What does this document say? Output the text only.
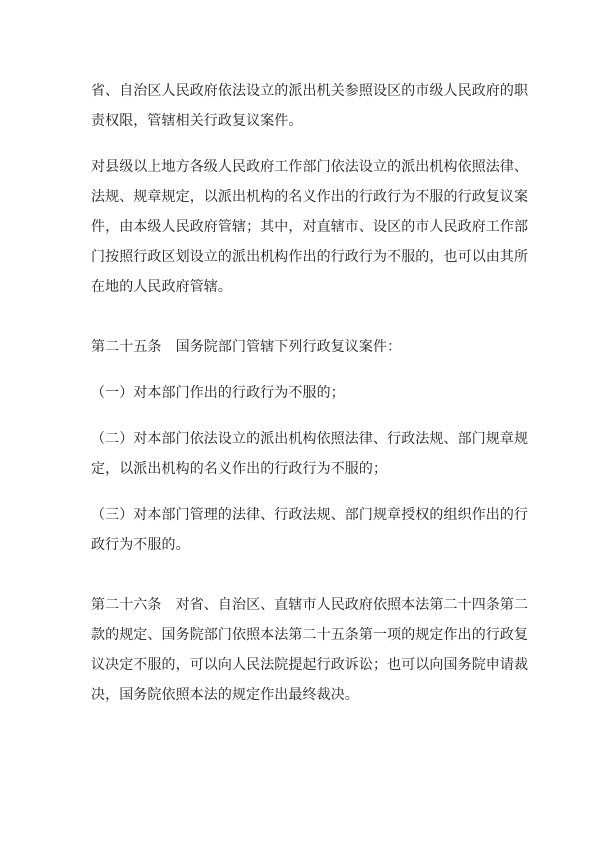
省、自治区人民政府依法设立的派出机关参照设区的市级人民政府的职
责权限，管辖相关行政复议案件。

对县级以上地方各级人民政府工作部门依法设立的派出机构依照法律、
法规、规章规定，以派出机构的名义作出的行政行为不服的行政复议案
件，由本级人民政府管辖；其中，对直辖市、设区的市人民政府工作部
门按照行政区划设立的派出机构作出的行政行为不服的，也可以由其所
在地的人民政府管辖。

第二十五条　国务院部门管辖下列行政复议案件：

（一）对本部门作出的行政行为不服的；

（二）对本部门依法设立的派出机构依照法律、行政法规、部门规章规
定，以派出机构的名义作出的行政行为不服的；

（三）对本部门管理的法律、行政法规、部门规章授权的组织作出的行
政行为不服的。

第二十六条　对省、自治区、直辖市人民政府依照本法第二十四条第二
款的规定、国务院部门依照本法第二十五条第一项的规定作出的行政复
议决定不服的，可以向人民法院提起行政诉讼；也可以向国务院申请裁
决，国务院依照本法的规定作出最终裁决。
